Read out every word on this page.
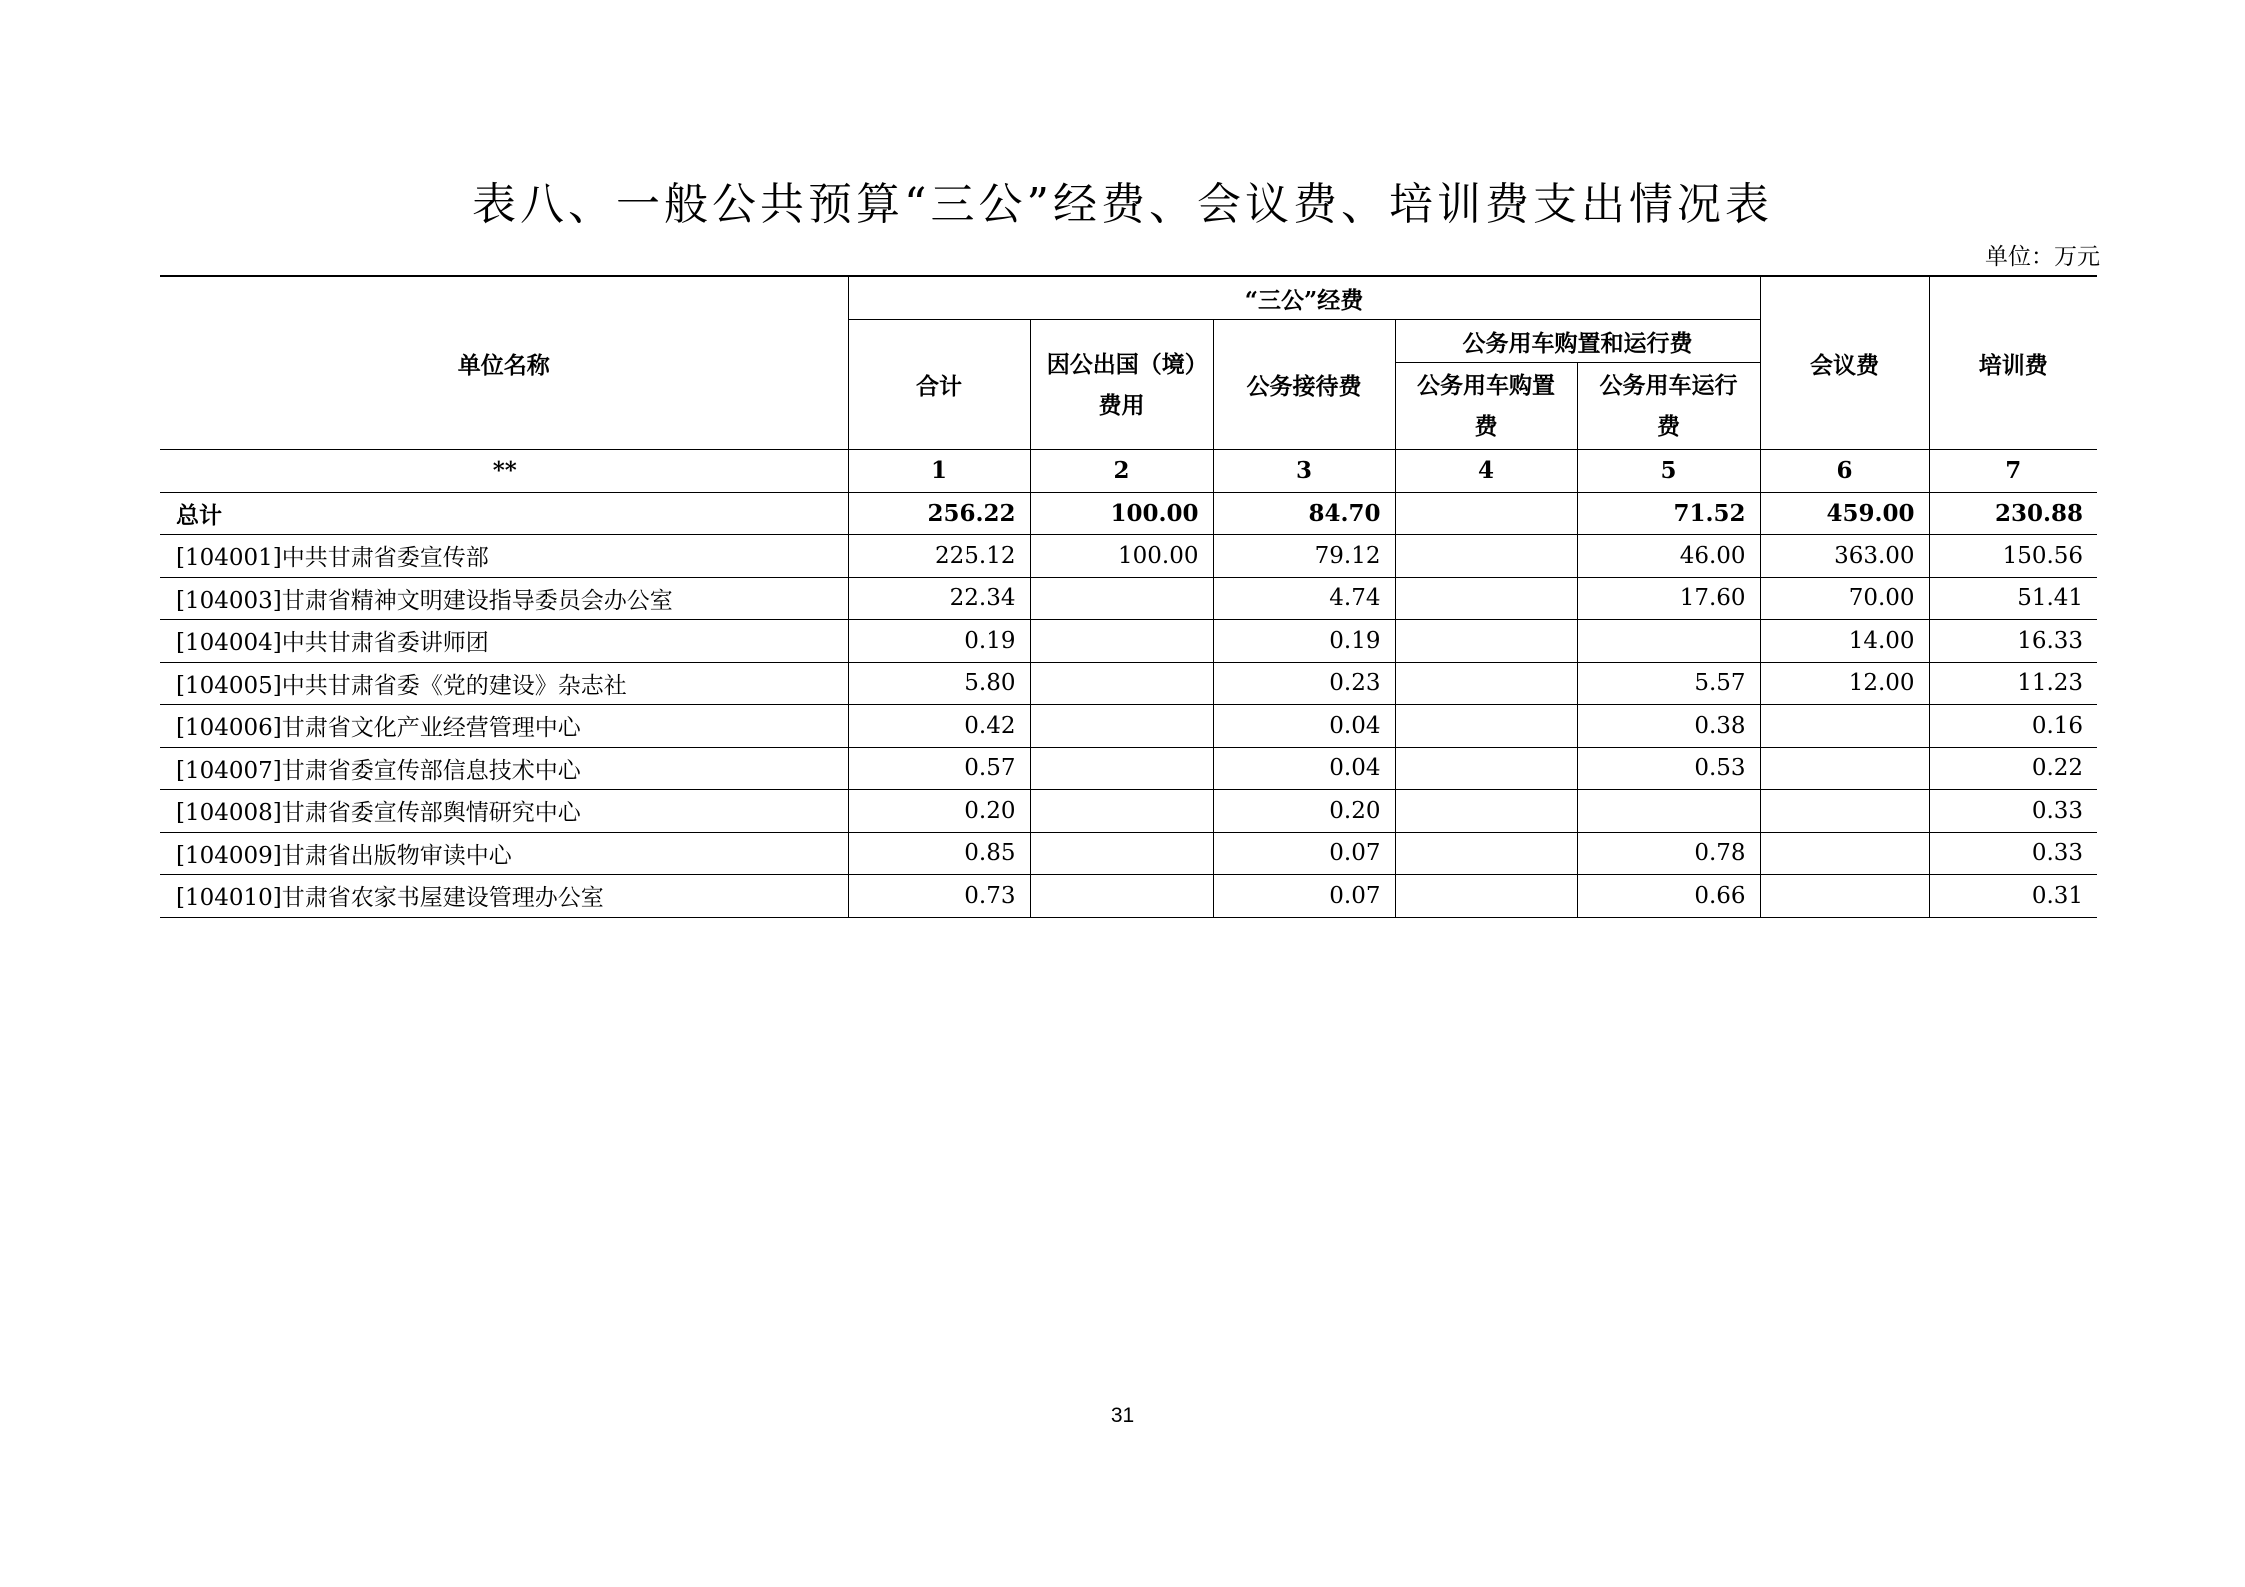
表八、一般公共预算“三公”经费、会议费、培训费支出情况表
单位：万元
单位名称	“三公”经费					会议费	培训费
	合计	因公出国（境）费用	公务接待费	公务用车购置和运行费			
				公务用车购置费	公务用车运行费		
**	1	2	3	4	5	6	7
总计	256.22	100.00	84.70		71.52	459.00	230.88
[104001]中共甘肃省委宣传部	225.12	100.00	79.12		46.00	363.00	150.56
[104003]甘肃省精神文明建设指导委员会办公室	22.34		4.74		17.60	70.00	51.41
[104004]中共甘肃省委讲师团	0.19		0.19			14.00	16.33
[104005]中共甘肃省委《党的建设》杂志社	5.80		0.23		5.57	12.00	11.23
[104006]甘肃省文化产业经营管理中心	0.42		0.04		0.38		0.16
[104007]甘肃省委宣传部信息技术中心	0.57		0.04		0.53		0.22
[104008]甘肃省委宣传部舆情研究中心	0.20		0.20				0.33
[104009]甘肃省出版物审读中心	0.85		0.07		0.78		0.33
[104010]甘肃省农家书屋建设管理办公室	0.73		0.07		0.66		0.31
31
